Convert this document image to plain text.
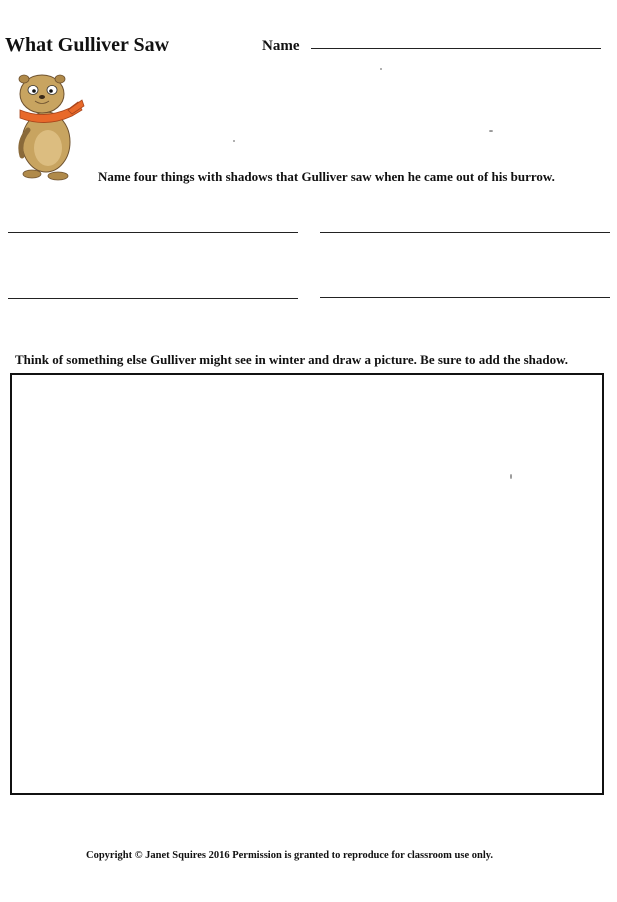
What Gulliver Saw	Name
Name four things with shadows that Gulliver saw when he came out of his burrow.
Think of something else Gulliver might see in winter and draw a picture. Be sure to add the shadow.
Copyright © Janet Squires 2016 Permission is granted to reproduce for classroom use only.
